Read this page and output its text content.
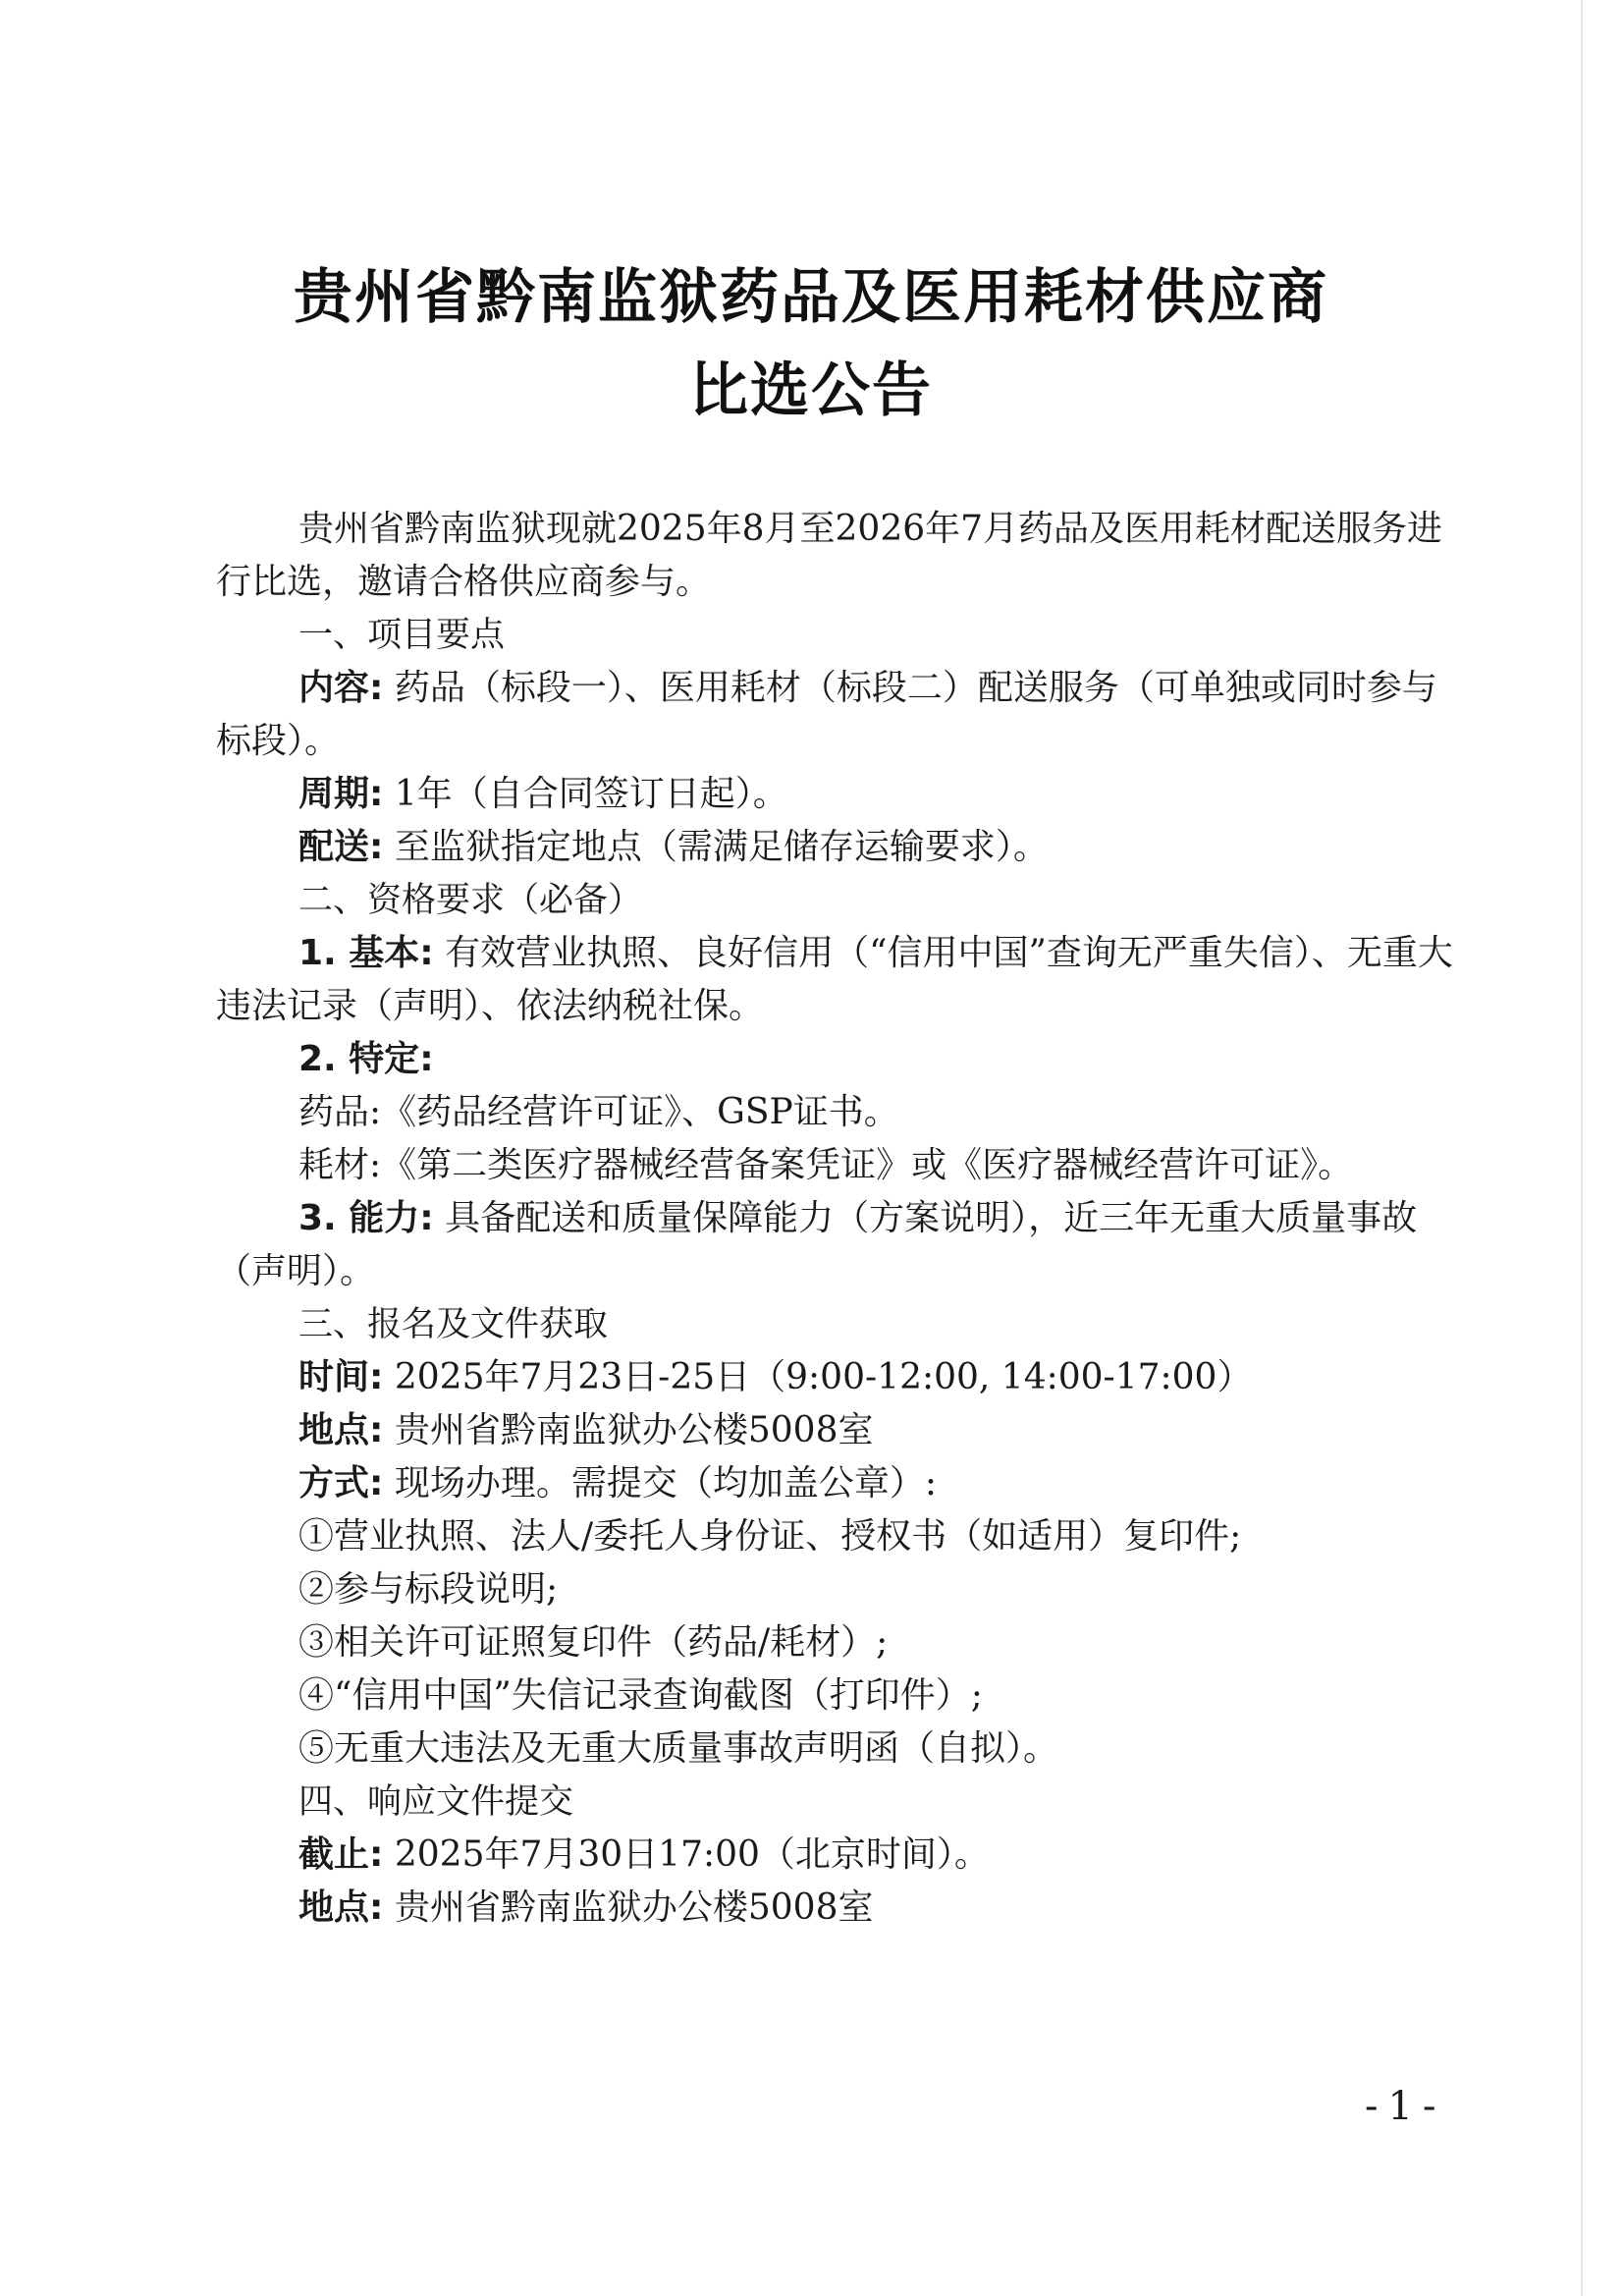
贵州省黔南监狱药品及医用耗材供应商
比选公告

贵州省黔南监狱现就2025年8月至2026年7月药品及医用耗材配送服务进行比选，邀请合格供应商参与。

一、项目要点

内容: 药品（标段一）、医用耗材（标段二）配送服务（可单独或同时参与标段）。

周期: 1年（自合同签订日起）。

配送: 至监狱指定地点（需满足储存运输要求）。

二、资格要求（必备）

1. 基本: 有效营业执照、良好信用（“信用中国”查询无严重失信）、无重大违法记录（声明）、依法纳税社保。

2. 特定:

药品:《药品经营许可证》、GSP证书。

耗材:《第二类医疗器械经营备案凭证》或《医疗器械经营许可证》。

3. 能力: 具备配送和质量保障能力（方案说明），近三年无重大质量事故（声明）。

三、报名及文件获取

时间: 2025年7月23日-25日（9:00-12:00, 14:00-17:00）

地点: 贵州省黔南监狱办公楼5008室

方式: 现场办理。需提交（均加盖公章）:

①营业执照、法人/委托人身份证、授权书（如适用）复印件;

②参与标段说明;

③相关许可证照复印件（药品/耗材）;

④“信用中国”失信记录查询截图（打印件）;

⑤无重大违法及无重大质量事故声明函（自拟）。

四、响应文件提交

截止: 2025年7月30日17:00（北京时间）。

地点: 贵州省黔南监狱办公楼5008室

-1-
